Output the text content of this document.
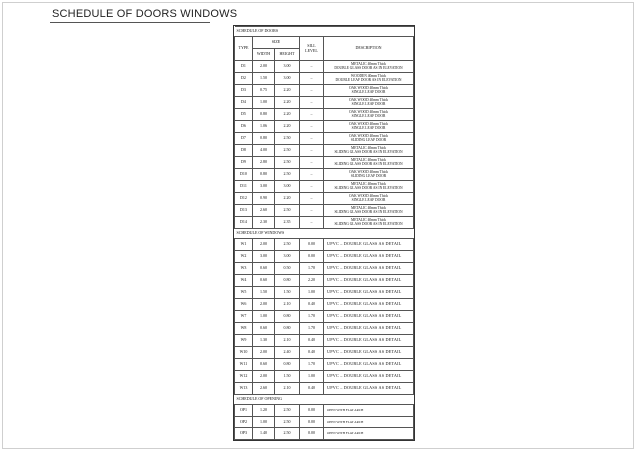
SCHEDULE OF DOORS WINDOWS
SCHEDULE OF DOORS				
TYPE	SIZE		SILL LEVEL	DESCRIPTION
	WIDTH	HEIGHT		
D1	2.00	3.00	–	METALIC 40mm Thick
DOUBLE GLASS DOOR AS IN ELEVATION

D2	1.50	3.00	–	WOODEN 40mm Thick
DOUBLE LEAF DOOR AS IN ELEVATION

D3	0.75	2.20	–	OAK WOOD 40mm Thick
SINGLE LEAF DOOR

D4	1.00	2.20	–	OAK WOOD 40mm Thick
SINGLE LEAF DOOR

D5	0.80	2.20	–	OAK WOOD 40mm Thick
SINGLE LEAF DOOR

D6	1.06	2.20	–	OAK WOOD 40mm Thick
SINGLE LEAF DOOR

D7	0.80	2.50	–	OAK WOOD 40mm Thick
SLIDING LEAF DOOR

D8	4.00	2.50	–	METALIC 40mm Thick
SLIDING GLASS DOOR AS IN ELEVATION

D9	2.80	2.50	–	METALIC 40mm Thick
SLIDING GLASS DOOR AS IN ELEVATION

D10	0.80	2.50	–	OAK WOOD 40mm Thick
SLIDING LEAF DOOR

D11	3.00	3.00	–	METALIC 40mm Thick
SLIDING GLASS DOOR AS IN ELEVATION

D12	0.90	2.20	–	OAK WOOD 40mm Thick
SINGLE LEAF DOOR

D13	2.60	2.50	–	METALIC 40mm Thick
SLIDING GLASS DOOR AS IN ELEVATION

D14	2.30	2.35	–	METALIC 40mm Thick
SLIDING GLASS DOOR AS IN ELEVATION

SCHEDULE OF WINDOWS				
W1	2.00	2.50	0.00	UPVC – DOUBLE GLASS AS DETAIL
W2	3.00	3.00	0.00	UPVC – DOUBLE GLASS AS DETAIL
W3	0.60	0.50	1.70	UPVC – DOUBLE GLASS AS DETAIL
W4	0.60	0.80	2.20	UPVC – DOUBLE GLASS AS DETAIL
W5	1.50	1.50	1.00	UPVC – DOUBLE GLASS AS DETAIL
W6	2.00	2.10	0.40	UPVC – DOUBLE GLASS AS DETAIL
W7	1.00	0.80	1.70	UPVC – DOUBLE GLASS AS DETAIL
W8	0.60	0.80	1.70	UPVC – DOUBLE GLASS AS DETAIL
W9	1.30	2.10	0.40	UPVC – DOUBLE GLASS AS DETAIL
W10	2.00	2.40	0.40	UPVC – DOUBLE GLASS AS DETAIL
W11	0.60	0.80	1.70	UPVC – DOUBLE GLASS AS DETAIL
W12	2.00	1.50	1.00	UPVC – DOUBLE GLASS AS DETAIL
W13	2.60	2.10	0.40	UPVC – DOUBLE GLASS AS DETAIL
SCHEDULE OF OPENING				
OP1	1.20	2.50	0.00	OPEN WITH FLAT ARCH
OP2	1.00	2.50	0.00	OPEN WITH FLAT ARCH
OP3	1.40	2.50	0.00	OPEN WITH FLAT ARCH
